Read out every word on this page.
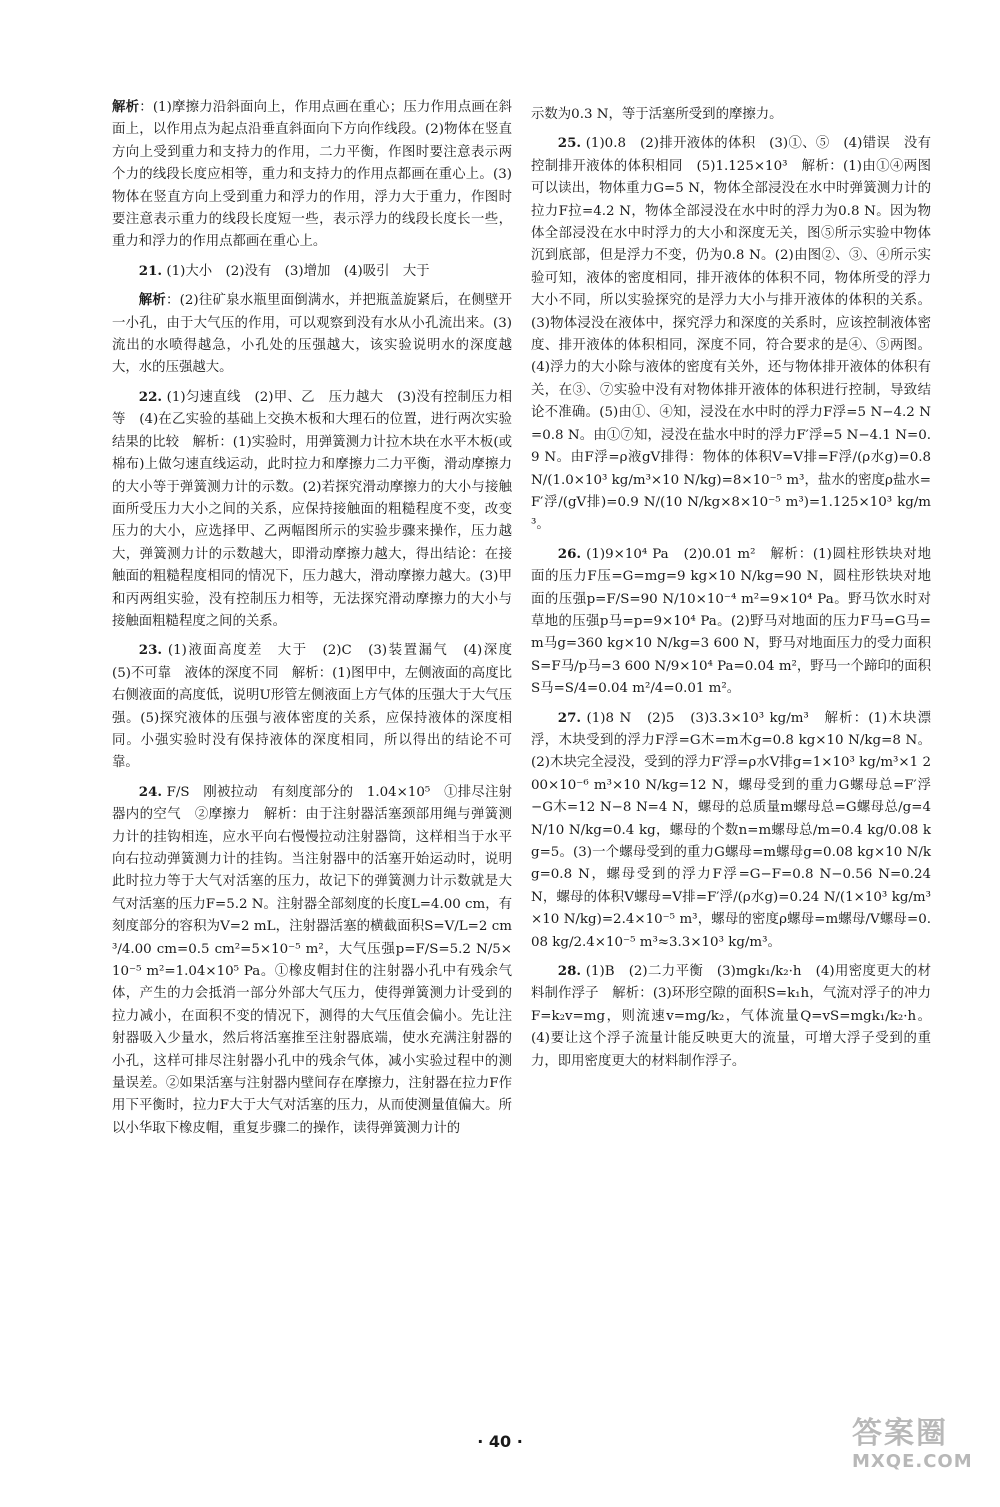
解析：(1)摩擦力沿斜面向上，作用点画在重心；压力作用点画在斜面上，以作用点为起点沿垂直斜面向下方向作线段。(2)物体在竖直方向上受到重力和支持力的作用，二力平衡，作图时要注意表示两个力的线段长度应相等，重力和支持力的作用点都画在重心上。(3)物体在竖直方向上受到重力和浮力的作用，浮力大于重力，作图时要注意表示重力的线段长度短一些，表示浮力的线段长度长一些，重力和浮力的作用点都画在重心上。

21. (1)大小　(2)没有　(3)增加　(4)吸引　大于

解析：(2)往矿泉水瓶里面倒满水，并把瓶盖旋紧后，在侧壁开一小孔，由于大气压的作用，可以观察到没有水从小孔流出来。(3)流出的水喷得越急，小孔处的压强越大，该实验说明水的深度越大，水的压强越大。

22. (1)匀速直线　(2)甲、乙　压力越大　(3)没有控制压力相等　(4)在乙实验的基础上交换木板和大理石的位置，进行两次实验结果的比较　解析：(1)实验时，用弹簧测力计拉木块在水平木板(或棉布)上做匀速直线运动，此时拉力和摩擦力二力平衡，滑动摩擦力的大小等于弹簧测力计的示数。(2)若探究滑动摩擦力的大小与接触面所受压力大小之间的关系，应保持接触面的粗糙程度不变，改变压力的大小，应选择甲、乙两幅图所示的实验步骤来操作，压力越大，弹簧测力计的示数越大，即滑动摩擦力越大，得出结论：在接触面的粗糙程度相同的情况下，压力越大，滑动摩擦力越大。(3)甲和丙两组实验，没有控制压力相等，无法探究滑动摩擦力的大小与接触面粗糙程度之间的关系。

23. (1)液面高度差　大于　(2)C　(3)装置漏气　(4)深度　(5)不可靠　液体的深度不同　解析：(1)图甲中，左侧液面的高度比右侧液面的高度低，说明U形管左侧液面上方气体的压强大于大气压强。(5)探究液体的压强与液体密度的关系，应保持液体的深度相同。小强实验时没有保持液体的深度相同，所以得出的结论不可靠。

24. F/S　刚被拉动　有刻度部分的　1.04×10⁵　①排尽注射器内的空气　②摩擦力　解析：由于注射器活塞颈部用绳与弹簧测力计的挂钩相连，应水平向右慢慢拉动注射器筒，这样相当于水平向右拉动弹簧测力计的挂钩。当注射器中的活塞开始运动时，说明此时拉力等于大气对活塞的压力，故记下的弹簧测力计示数就是大气对活塞的压力F=5.2 N。注射器全部刻度的长度L=4.00 cm，有刻度部分的容积为V=2 mL，注射器活塞的横截面积S=V/L=2 cm³/4.00 cm=0.5 cm²=5×10⁻⁵ m²，大气压强p=F/S=5.2 N/5×10⁻⁵ m²=1.04×10⁵ Pa。①橡皮帽封住的注射器小孔中有残余气体，产生的力会抵消一部分外部大气压力，使得弹簧测力计受到的拉力减小，在面积不变的情况下，测得的大气压值会偏小。先让注射器吸入少量水，然后将活塞推至注射器底端，使水充满注射器的小孔，这样可排尽注射器小孔中的残余气体，减小实验过程中的测量误差。②如果活塞与注射器内壁间存在摩擦力，注射器在拉力F作用下平衡时，拉力F大于大气对活塞的压力，从而使测量值偏大。所以小华取下橡皮帽，重复步骤二的操作，读得弹簧测力计的

示数为0.3 N，等于活塞所受到的摩擦力。

25. (1)0.8　(2)排开液体的体积　(3)①、⑤　(4)错误　没有控制排开液体的体积相同　(5)1.125×10³　解析：(1)由①④两图可以读出，物体重力G=5 N，物体全部浸没在水中时弹簧测力计的拉力F拉=4.2 N，物体全部浸没在水中时的浮力为0.8 N。因为物体全部浸没在水中时浮力的大小和深度无关，图⑤所示实验中物体沉到底部，但是浮力不变，仍为0.8 N。(2)由图②、③、④所示实验可知，液体的密度相同，排开液体的体积不同，物体所受的浮力大小不同，所以实验探究的是浮力大小与排开液体的体积的关系。(3)物体浸没在液体中，探究浮力和深度的关系时，应该控制液体密度、排开液体的体积相同，深度不同，符合要求的是④、⑤两图。(4)浮力的大小除与液体的密度有关外，还与物体排开液体的体积有关，在③、⑦实验中没有对物体排开液体的体积进行控制，导致结论不准确。(5)由①、④知，浸没在水中时的浮力F浮=5 N−4.2 N=0.8 N。由①⑦知，浸没在盐水中时的浮力F′浮=5 N−4.1 N=0.9 N。由F浮=ρ液gV排得：物体的体积V=V排=F浮/(ρ水g)=0.8 N/(1.0×10³ kg/m³×10 N/kg)=8×10⁻⁵ m³，盐水的密度ρ盐水=F′浮/(gV排)=0.9 N/(10 N/kg×8×10⁻⁵ m³)=1.125×10³ kg/m³。

26. (1)9×10⁴ Pa　(2)0.01 m²　解析：(1)圆柱形铁块对地面的压力F压=G=mg=9 kg×10 N/kg=90 N，圆柱形铁块对地面的压强p=F/S=90 N/10×10⁻⁴ m²=9×10⁴ Pa。野马饮水时对草地的压强p马=p=9×10⁴ Pa。(2)野马对地面的压力F马=G马=m马g=360 kg×10 N/kg=3 600 N，野马对地面压力的受力面积S=F马/p马=3 600 N/9×10⁴ Pa=0.04 m²，野马一个蹄印的面积S马=S/4=0.04 m²/4=0.01 m²。

27. (1)8 N　(2)5　(3)3.3×10³ kg/m³　解析：(1)木块漂浮，木块受到的浮力F浮=G木=m木g=0.8 kg×10 N/kg=8 N。(2)木块完全浸没，受到的浮力F′浮=ρ水V排g=1×10³ kg/m³×1 200×10⁻⁶ m³×10 N/kg=12 N，螺母受到的重力G螺母总=F′浮−G木=12 N−8 N=4 N，螺母的总质量m螺母总=G螺母总/g=4 N/10 N/kg=0.4 kg，螺母的个数n=m螺母总/m=0.4 kg/0.08 kg=5。(3)一个螺母受到的重力G螺母=m螺母g=0.08 kg×10 N/kg=0.8 N，螺母受到的浮力F浮=G−F=0.8 N−0.56 N=0.24 N，螺母的体积V螺母=V排=F′浮/(ρ水g)=0.24 N/(1×10³ kg/m³×10 N/kg)=2.4×10⁻⁵ m³，螺母的密度ρ螺母=m螺母/V螺母=0.08 kg/2.4×10⁻⁵ m³≈3.3×10³ kg/m³。

28. (1)B　(2)二力平衡　(3)mgk₁/k₂·h　(4)用密度更大的材料制作浮子　解析：(3)环形空隙的面积S=k₁h，气流对浮子的冲力F=k₂v=mg，则流速v=mg/k₂，气体流量Q=vS=mgk₁/k₂·h。(4)要让这个浮子流量计能反映更大的流量，可增大浮子受到的重力，即用密度更大的材料制作浮子。

· 40 ·	答案圈
MXQE.COM
